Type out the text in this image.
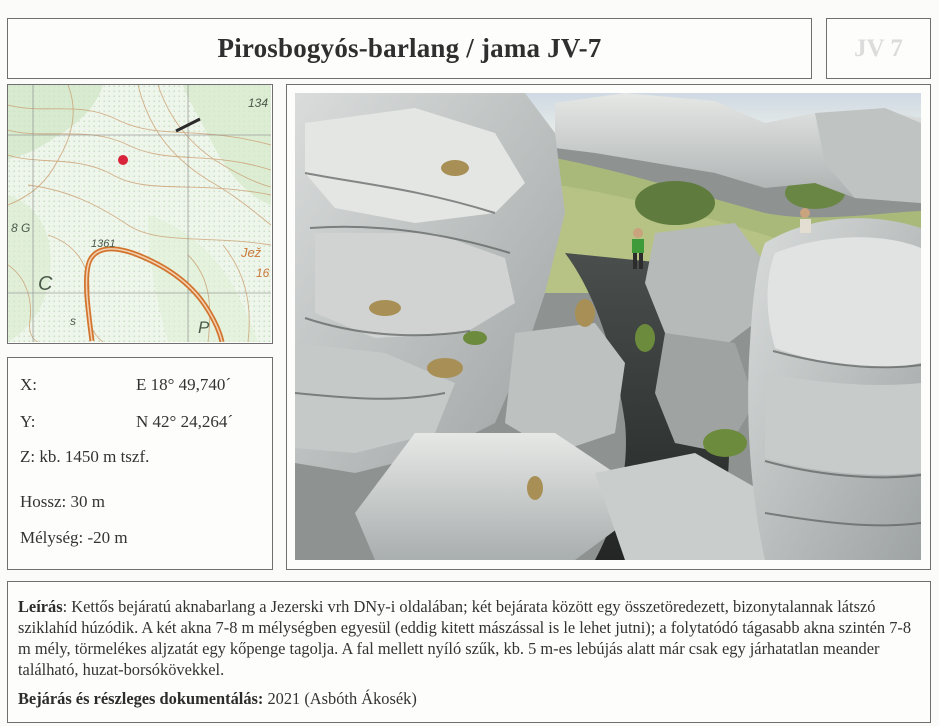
Pirosbogyós-barlang / jama JV-7	JV 7
134
8 G
1361
Jež
16
C
s	P
X:	E 18° 49,740´
Y:	N 42° 24,264´
Z: kb. 1450 m tszf.
Hossz: 30 m
Mélység: -20 m

Leírás: Kettős bejáratú aknabarlang a Jezerski vrh DNy-i oldalában; két bejárata között egy összetöredezett, bizonytalannak látszó sziklahíd húzódik. A két akna 7-8 m mélységben egyesül (eddig kitett mászással is le lehet jutni); a folytatódó tágasabb akna szintén 7-8 m mély, törmelékes aljzatát egy kőpenge tagolja. A fal mellett nyíló szűk, kb. 5 m-es lebújás alatt már csak egy járhatatlan meander található, huzat-borsókövekkel.

Bejárás és részleges dokumentálás: 2021 (Asbóth Ákosék)
